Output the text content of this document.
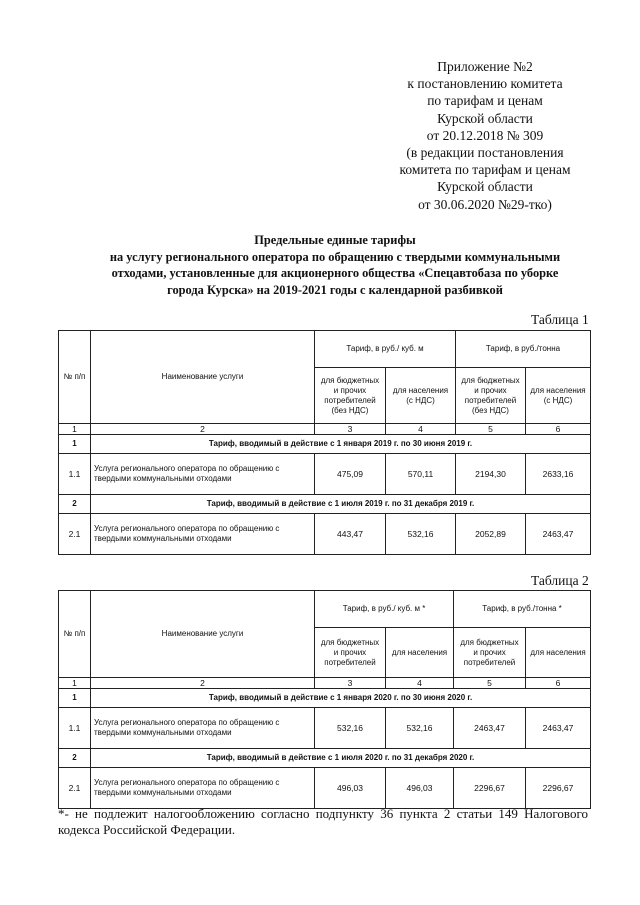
Приложение №2
к постановлению комитета
по тарифам и ценам
Курской области
от 20.12.2018 № 309
(в редакции постановления
комитета по тарифам и ценам
Курской области
от 30.06.2020 №29-тко)
Предельные единые тарифы
на услугу регионального оператора по обращению с твердыми коммунальными
отходами, установленные для акционерного общества «Спецавтобаза по уборке
города Курска» на 2019-2021 годы с календарной разбивкой
Таблица 1
№ п/п	Наименование услуги	Тариф, в руб./ куб. м		Тариф, в руб./тонна	
		для бюджетных и прочих потребителей (без НДС)	для населения (с НДС)	для бюджетных и прочих потребителей (без НДС)	для населения (с НДС)
1	2	3	4	5	6
1	Тариф, вводимый в действие с 1 января 2019 г. по 30 июня 2019 г.				
1.1	Услуга регионального оператора по обращению с твердыми коммунальными отходами	475,09	570,11	2194,30	2633,16
2	Тариф, вводимый в действие с 1 июля 2019 г. по 31 декабря 2019 г.				
2.1	Услуга регионального оператора по обращению с твердыми коммунальными отходами	443,47	532,16	2052,89	2463,47
Таблица 2
№ п/п	Наименование услуги	Тариф, в руб./ куб. м *		Тариф, в руб./тонна *	
		для бюджетных и прочих потребителей	для населения	для бюджетных и прочих потребителей	для населения
1	2	3	4	5	6
1	Тариф, вводимый в действие с 1 января 2020 г. по 30 июня 2020 г.				
1.1	Услуга регионального оператора по обращению с твердыми коммунальными отходами	532,16	532,16	2463,47	2463,47
2	Тариф, вводимый в действие с 1 июля 2020 г. по 31 декабря 2020 г.				
2.1	Услуга регионального оператора по обращению с твердыми коммунальными отходами	496,03	496,03	2296,67	2296,67
*- не подлежит налогообложению согласно подпункту 36 пункта 2 статьи 149 Налогового кодекса Российской Федерации.
